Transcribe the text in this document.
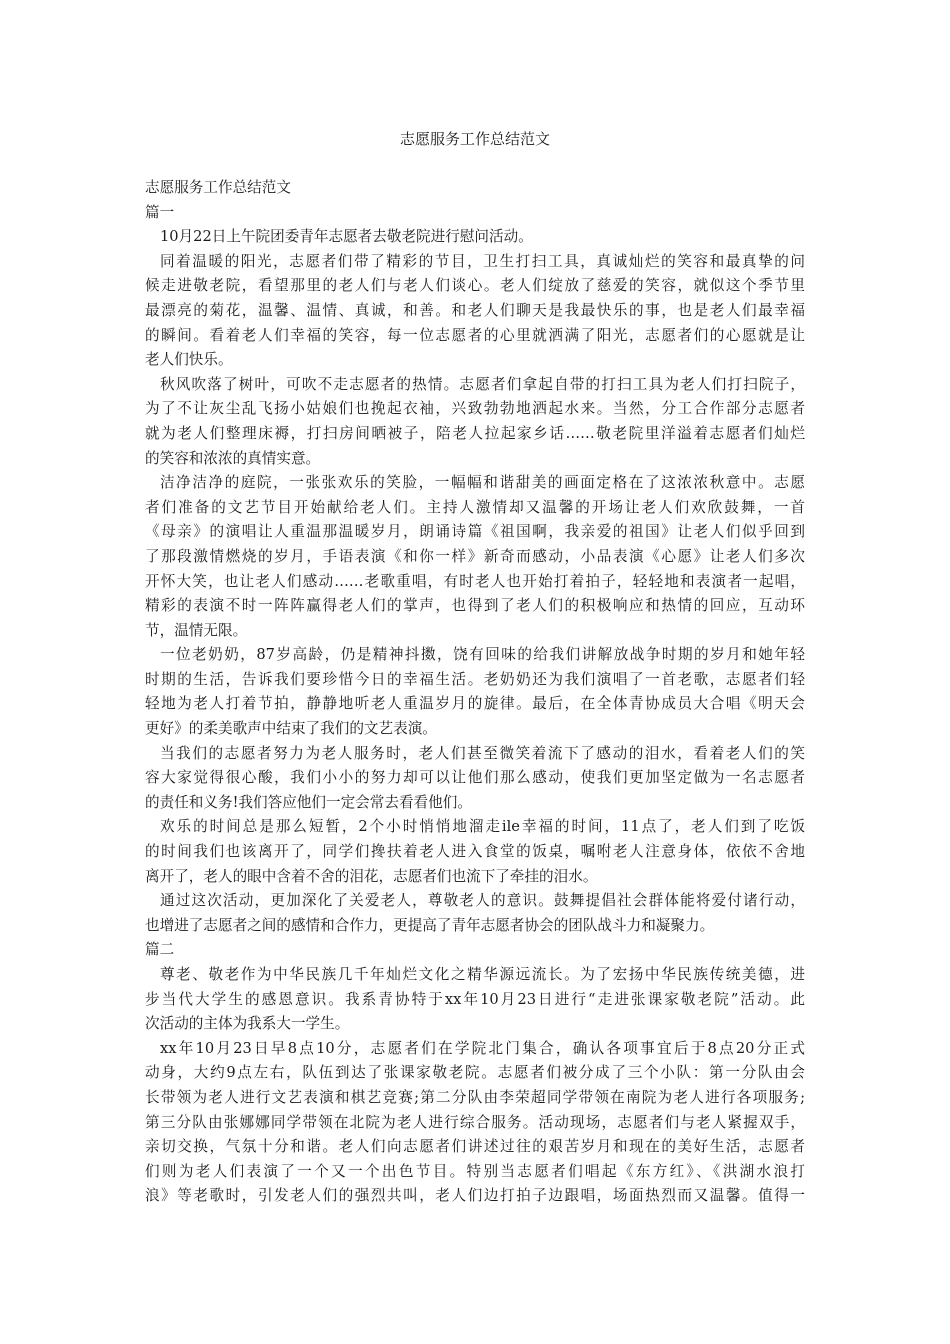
志愿服务工作总结范文
志愿服务工作总结范文
篇一
10月22日上午院团委青年志愿者去敬老院进行慰问活动。
同着温暖的阳光，志愿者们带了精彩的节目，卫生打扫工具，真诚灿烂的笑容和最真挚的问
候走进敬老院，看望那里的老人们与老人们谈心。老人们绽放了慈爱的笑容，就似这个季节里
最漂亮的菊花，温馨、温情、真诚，和善。和老人们聊天是我最快乐的事，也是老人们最幸福
的瞬间。看着老人们幸福的笑容，每一位志愿者的心里就洒满了阳光，志愿者们的心愿就是让
老人们快乐。
秋风吹落了树叶，可吹不走志愿者的热情。志愿者们拿起自带的打扫工具为老人们打扫院子，
为了不让灰尘乱飞扬小姑娘们也挽起衣袖，兴致勃勃地洒起水来。当然，分工合作部分志愿者
就为老人们整理床褥，打扫房间晒被子，陪老人拉起家乡话……敬老院里洋溢着志愿者们灿烂
的笑容和浓浓的真情实意。
洁净洁净的庭院，一张张欢乐的笑脸，一幅幅和谐甜美的画面定格在了这浓浓秋意中。志愿
者们准备的文艺节目开始献给老人们。主持人激情却又温馨的开场让老人们欢欣鼓舞，一首
《母亲》的演唱让人重温那温暖岁月，朗诵诗篇《祖国啊，我亲爱的祖国》让老人们似乎回到
了那段激情燃烧的岁月，手语表演《和你一样》新奇而感动，小品表演《心愿》让老人们多次
开怀大笑，也让老人们感动……老歌重唱，有时老人也开始打着拍子，轻轻地和表演者一起唱，
精彩的表演不时一阵阵赢得老人们的掌声，也得到了老人们的积极响应和热情的回应，互动环
节，温情无限。
一位老奶奶，87岁高龄，仍是精神抖擞，饶有回味的给我们讲解放战争时期的岁月和她年轻
时期的生活，告诉我们要珍惜今日的幸福生活。老奶奶还为我们演唱了一首老歌，志愿者们轻
轻地为老人打着节拍，静静地听老人重温岁月的旋律。最后，在全体青协成员大合唱《明天会
更好》的柔美歌声中结束了我们的文艺表演。
当我们的志愿者努力为老人服务时，老人们甚至微笑着流下了感动的泪水，看着老人们的笑
容大家觉得很心酸，我们小小的努力却可以让他们那么感动，使我们更加坚定做为一名志愿者
的责任和义务!我们答应他们一定会常去看看他们。
欢乐的时间总是那么短暂，2个小时悄悄地溜走ile幸福的时间，11点了，老人们到了吃饭
的时间我们也该离开了，同学们搀扶着老人进入食堂的饭桌，嘱咐老人注意身体，依依不舍地
离开了，老人的眼中含着不舍的泪花，志愿者们也流下了牵挂的泪水。
通过这次活动，更加深化了关爱老人，尊敬老人的意识。鼓舞提倡社会群体能将爱付诸行动，
也增进了志愿者之间的感情和合作力，更提高了青年志愿者协会的团队战斗力和凝聚力。
篇二
尊老、敬老作为中华民族几千年灿烂文化之精华源远流长。为了宏扬中华民族传统美德，进
步当代大学生的感恩意识。我系青协特于xx年10月23日进行“走进张课家敬老院”活动。此
次活动的主体为我系大一学生。
xx年10月23日早8点10分，志愿者们在学院北门集合，确认各项事宜后于8点20分正式
动身，大约9点左右，队伍到达了张课家敬老院。志愿者们被分成了三个小队：第一分队由会
长带领为老人进行文艺表演和棋艺竞赛;第二分队由李荣超同学带领在南院为老人进行各项服务;
第三分队由张娜娜同学带领在北院为老人进行综合服务。活动现场，志愿者们与老人紧握双手，
亲切交换，气氛十分和谐。老人们向志愿者们讲述过往的艰苦岁月和现在的美好生活，志愿者
们则为老人们表演了一个又一个出色节目。特别当志愿者们唱起《东方红》、《洪湖水浪打
浪》等老歌时，引发老人们的强烈共叫，老人们边打拍子边跟唱，场面热烈而又温馨。值得一
